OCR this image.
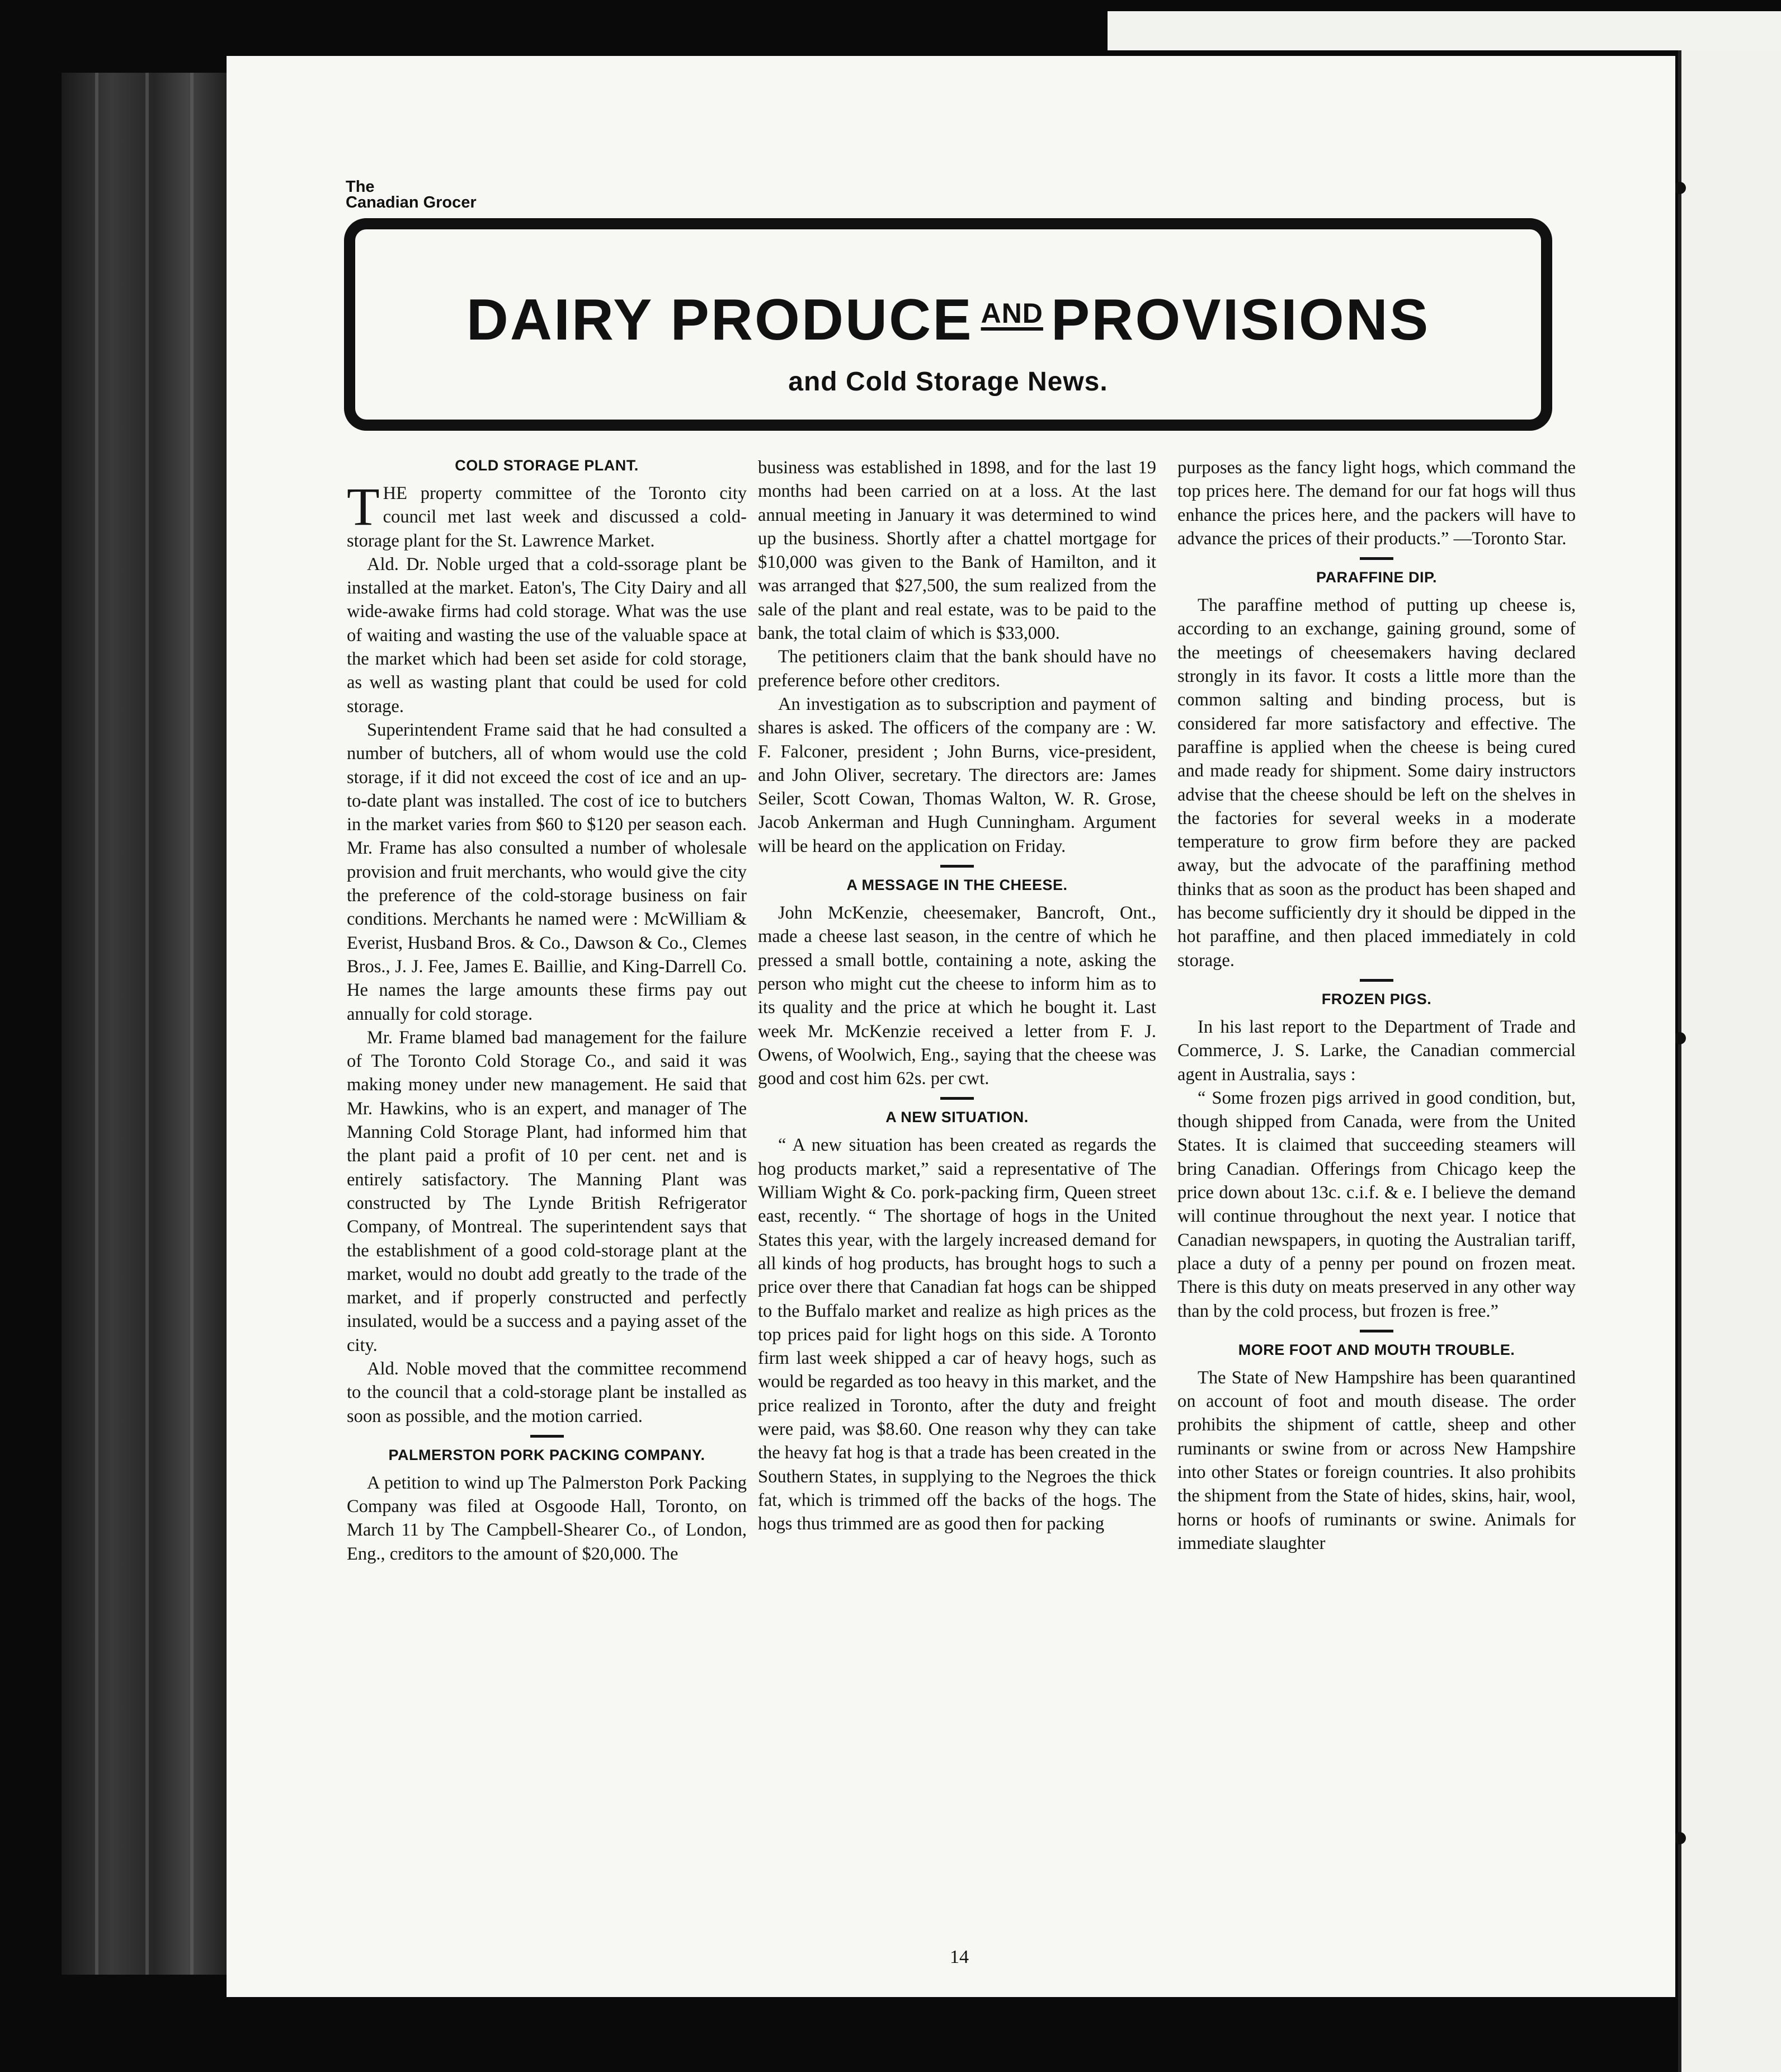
The
Canadian Grocer
DAIRY PRODUCE $^{AND}$ PROVISIONS
and Cold Storage News.
COLD STORAGE PLANT.

THE property committee of the Toronto city council met last week and discussed a cold-storage plant for the St. Lawrence Market.

Ald. Dr. Noble urged that a cold-ssorage plant be installed at the market. Eaton's, The City Dairy and all wide-awake firms had cold storage. What was the use of waiting and wasting the use of the valuable space at the market which had been set aside for cold storage, as well as wasting plant that could be used for cold storage.

Superintendent Frame said that he had consulted a number of butchers, all of whom would use the cold storage, if it did not exceed the cost of ice and an up-to-date plant was installed. The cost of ice to butchers in the market varies from $60 to $120 per season each. Mr. Frame has also consulted a number of wholesale provision and fruit merchants, who would give the city the preference of the cold-storage business on fair conditions. Merchants he named were : McWilliam & Everist, Husband Bros. & Co., Dawson & Co., Clemes Bros., J. J. Fee, James E. Baillie, and King-Darrell Co. He names the large amounts these firms pay out annually for cold storage.

Mr. Frame blamed bad management for the failure of The Toronto Cold Storage Co., and said it was making money under new management. He said that Mr. Hawkins, who is an expert, and manager of The Manning Cold Storage Plant, had informed him that the plant paid a profit of 10 per cent. net and is entirely satisfactory. The Manning Plant was constructed by The Lynde British Refrigerator Company, of Montreal. The superintendent says that the establishment of a good cold-storage plant at the market, would no doubt add greatly to the trade of the market, and if properly constructed and perfectly insulated, would be a success and a paying asset of the city.

Ald. Noble moved that the committee recommend to the council that a cold-storage plant be installed as soon as possible, and the motion carried.

PALMERSTON PORK PACKING COMPANY.

A petition to wind up The Palmerston Pork Packing Company was filed at Osgoode Hall, Toronto, on March 11 by The Campbell-Shearer Co., of London, Eng., creditors to the amount of $20,000. The

business was established in 1898, and for the last 19 months had been carried on at a loss. At the last annual meeting in January it was determined to wind up the business. Shortly after a chattel mortgage for $10,000 was given to the Bank of Hamilton, and it was arranged that $27,500, the sum realized from the sale of the plant and real estate, was to be paid to the bank, the total claim of which is $33,000.

The petitioners claim that the bank should have no preference before other creditors.

An investigation as to subscription and payment of shares is asked. The officers of the company are : W. F. Falconer, president ; John Burns, vice-president, and John Oliver, secretary. The directors are: James Seiler, Scott Cowan, Thomas Walton, W. R. Grose, Jacob Ankerman and Hugh Cunningham. Argument will be heard on the application on Friday.

A MESSAGE IN THE CHEESE.

John McKenzie, cheesemaker, Bancroft, Ont., made a cheese last season, in the centre of which he pressed a small bottle, containing a note, asking the person who might cut the cheese to inform him as to its quality and the price at which he bought it. Last week Mr. McKenzie received a letter from F. J. Owens, of Woolwich, Eng., saying that the cheese was good and cost him 62s. per cwt.

A NEW SITUATION.

“ A new situation has been created as regards the hog products market,” said a representative of The William Wight & Co. pork-packing firm, Queen street east, recently. “ The shortage of hogs in the United States this year, with the largely increased demand for all kinds of hog products, has brought hogs to such a price over there that Canadian fat hogs can be shipped to the Buffalo market and realize as high prices as the top prices paid for light hogs on this side. A Toronto firm last week shipped a car of heavy hogs, such as would be regarded as too heavy in this market, and the price realized in Toronto, after the duty and freight were paid, was $8.60. One reason why they can take the heavy fat hog is that a trade has been created in the Southern States, in supplying to the Negroes the thick fat, which is trimmed off the backs of the hogs. The hogs thus trimmed are as good then for packing

purposes as the fancy light hogs, which command the top prices here. The demand for our fat hogs will thus enhance the prices here, and the packers will have to advance the prices of their products.” —Toronto Star.

PARAFFINE DIP.

The paraffine method of putting up cheese is, according to an exchange, gaining ground, some of the meetings of cheesemakers having declared strongly in its favor. It costs a little more than the common salting and binding process, but is considered far more satisfactory and effective. The paraffine is applied when the cheese is being cured and made ready for shipment. Some dairy instructors advise that the cheese should be left on the shelves in the factories for several weeks in a moderate temperature to grow firm before they are packed away, but the advocate of the paraffining method thinks that as soon as the product has been shaped and has become sufficiently dry it should be dipped in the hot paraffine, and then placed immediately in cold storage.

FROZEN PIGS.

In his last report to the Department of Trade and Commerce, J. S. Larke, the Canadian commercial agent in Australia, says :

“ Some frozen pigs arrived in good condition, but, though shipped from Canada, were from the United States. It is claimed that succeeding steamers will bring Canadian. Offerings from Chicago keep the price down about 13c. c.i.f. & e. I believe the demand will continue throughout the next year. I notice that Canadian newspapers, in quoting the Australian tariff, place a duty of a penny per pound on frozen meat. There is this duty on meats preserved in any other way than by the cold process, but frozen is free.”

MORE FOOT AND MOUTH TROUBLE.

The State of New Hampshire has been quarantined on account of foot and mouth disease. The order prohibits the shipment of cattle, sheep and other ruminants or swine from or across New Hampshire into other States or foreign countries. It also prohibits the shipment from the State of hides, skins, hair, wool, horns or hoofs of ruminants or swine. Animals for immediate slaughter

14
